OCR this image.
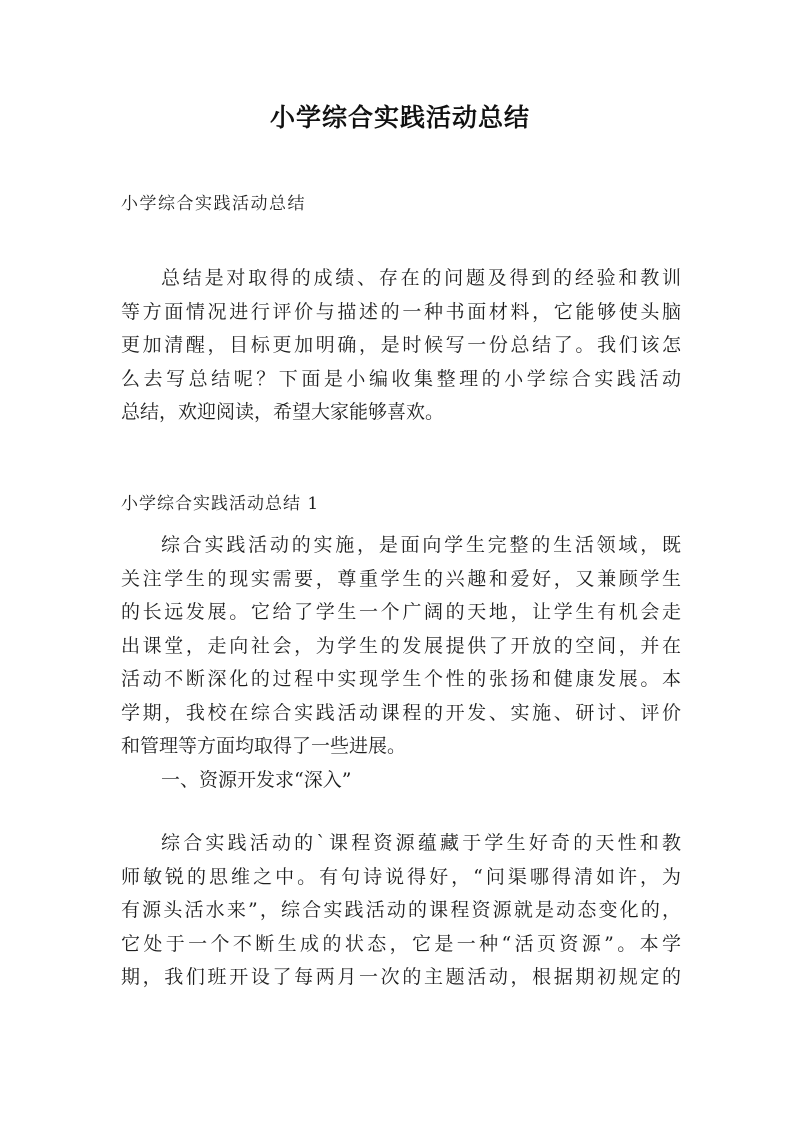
小学综合实践活动总结
小学综合实践活动总结
总结是对取得的成绩、存在的问题及得到的经验和教训
等方面情况进行评价与描述的一种书面材料，它能够使头脑
更加清醒，目标更加明确，是时候写一份总结了。我们该怎
么去写总结呢？下面是小编收集整理的小学综合实践活动
总结，欢迎阅读，希望大家能够喜欢。
小学综合实践活动总结 1
综合实践活动的实施，是面向学生完整的生活领域，既
关注学生的现实需要，尊重学生的兴趣和爱好，又兼顾学生
的长远发展。它给了学生一个广阔的天地，让学生有机会走
出课堂，走向社会，为学生的发展提供了开放的空间，并在
活动不断深化的过程中实现学生个性的张扬和健康发展。本
学期，我校在综合实践活动课程的开发、实施、研讨、评价
和管理等方面均取得了一些进展。
一、资源开发求“深入”
综合实践活动的`课程资源蕴藏于学生好奇的天性和教
师敏锐的思维之中。有句诗说得好，“问渠哪得清如许，为
有源头活水来”，综合实践活动的课程资源就是动态变化的，
它处于一个不断生成的状态，它是一种“活页资源”。本学
期，我们班开设了每两月一次的主题活动，根据期初规定的
